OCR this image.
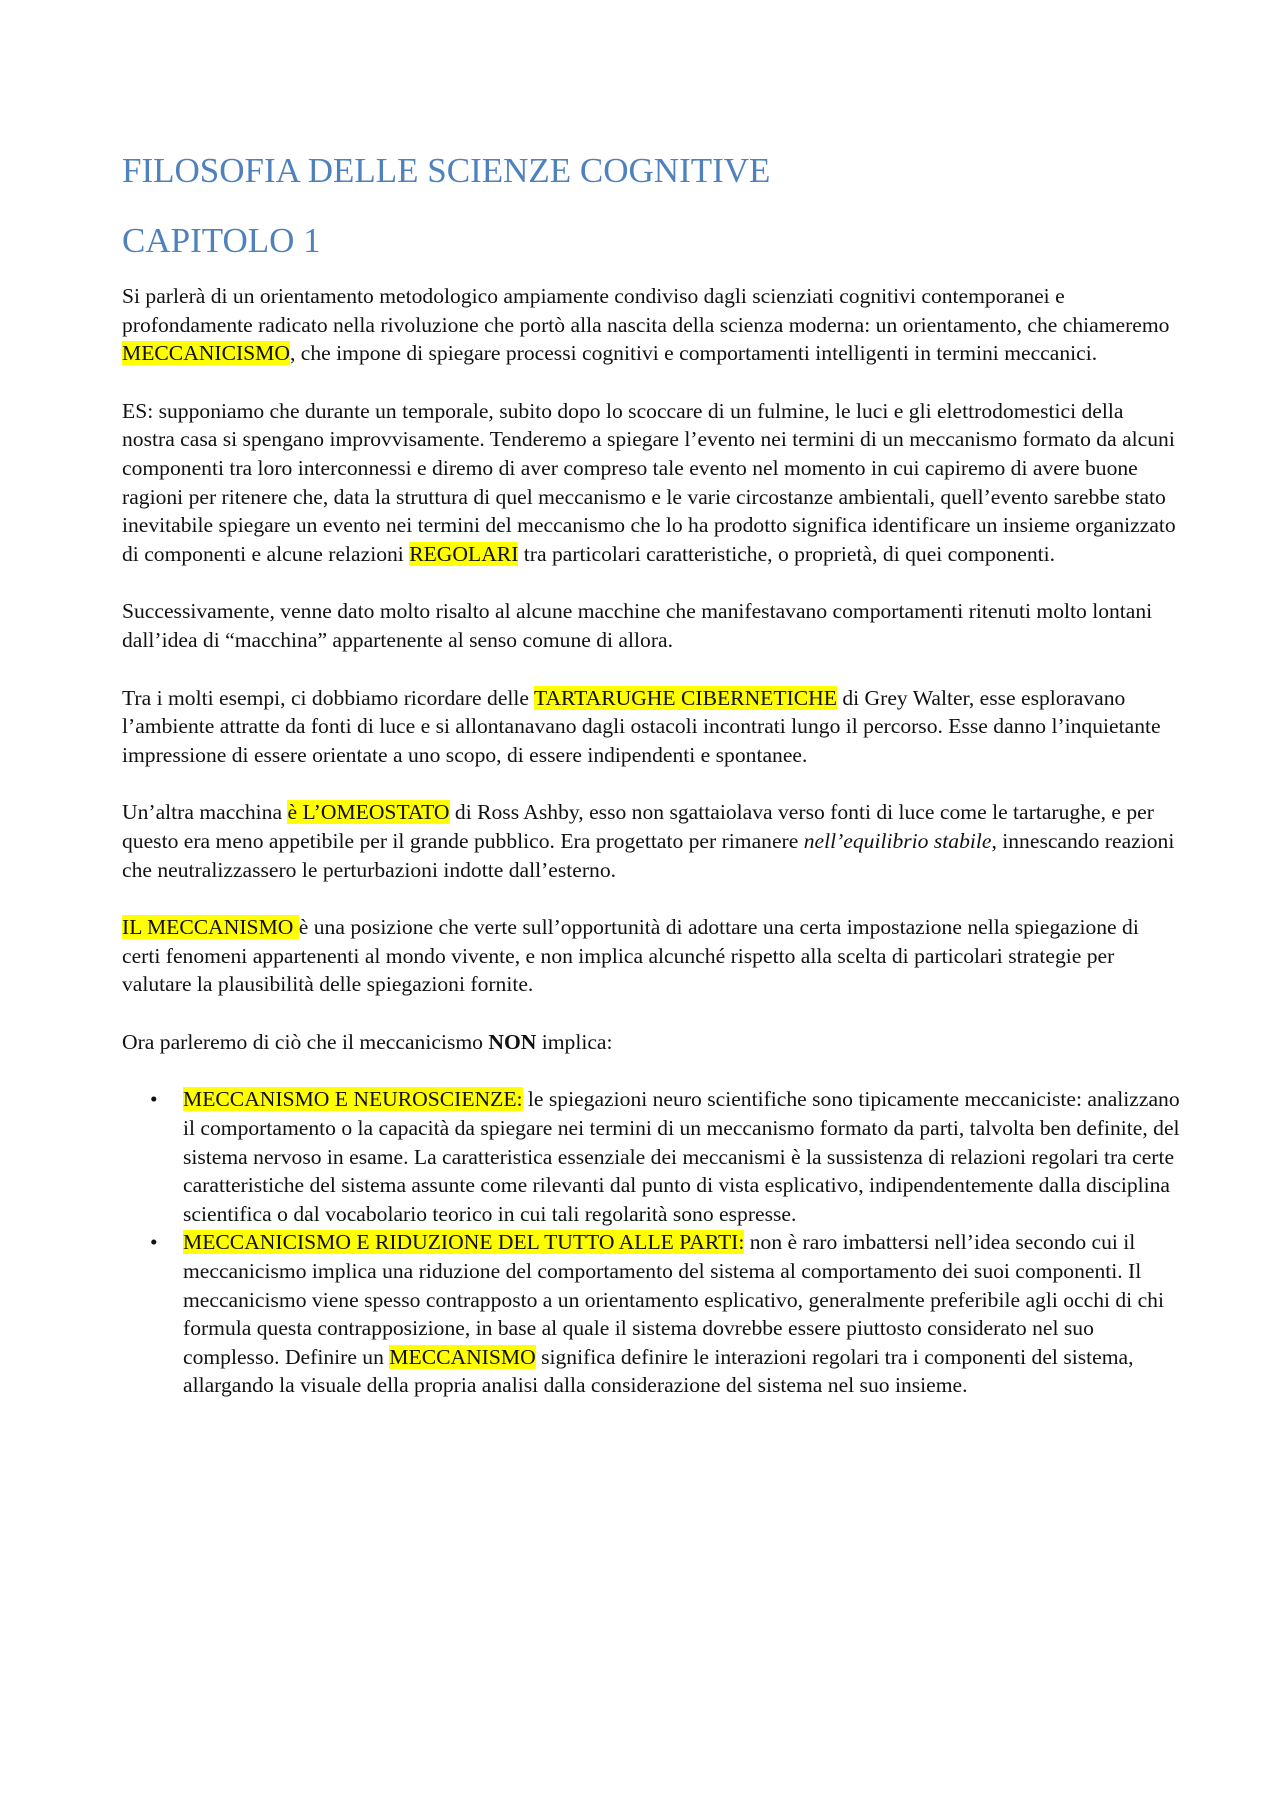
FILOSOFIA DELLE SCIENZE COGNITIVE
CAPITOLO 1

Si parlerà di un orientamento metodologico ampiamente condiviso dagli scienziati cognitivi contemporanei e profondamente radicato nella rivoluzione che portò alla nascita della scienza moderna: un orientamento, che chiameremo MECCANICISMO, che impone di spiegare processi cognitivi e comportamenti intelligenti in termini meccanici.

ES: supponiamo che durante un temporale, subito dopo lo scoccare di un fulmine, le luci e gli elettrodomestici della nostra casa si spengano improvvisamente. Tenderemo a spiegare l’evento nei termini di un meccanismo formato da alcuni componenti tra loro interconnessi e diremo di aver compreso tale evento nel momento in cui capiremo di avere buone ragioni per ritenere che, data la struttura di quel meccanismo e le varie circostanze ambientali, quell’evento sarebbe stato inevitabile spiegare un evento nei termini del meccanismo che lo ha prodotto significa identificare un insieme organizzato di componenti e alcune relazioni REGOLARI tra particolari caratteristiche, o proprietà, di quei componenti.

Successivamente, venne dato molto risalto al alcune macchine che manifestavano comportamenti ritenuti molto lontani dall’idea di “macchina” appartenente al senso comune di allora.

Tra i molti esempi, ci dobbiamo ricordare delle TARTARUGHE CIBERNETICHE di Grey Walter, esse esploravano l’ambiente attratte da fonti di luce e si allontanavano dagli ostacoli incontrati lungo il percorso. Esse danno l’inquietante impressione di essere orientate a uno scopo, di essere indipendenti e spontanee.

Un’altra macchina è L’OMEOSTATO di Ross Ashby, esso non sgattaiolava verso fonti di luce come le tartarughe, e per questo era meno appetibile per il grande pubblico. Era progettato per rimanere nell’equilibrio stabile, innescando reazioni che neutralizzassero le perturbazioni indotte dall’esterno.

IL MECCANISMO è una posizione che verte sull’opportunità di adottare una certa impostazione nella spiegazione di certi fenomeni appartenenti al mondo vivente, e non implica alcunché rispetto alla scelta di particolari strategie per valutare la plausibilità delle spiegazioni fornite.

Ora parleremo di ciò che il meccanicismo NON implica:

• MECCANISMO E NEUROSCIENZE: le spiegazioni neuro scientifiche sono tipicamente meccaniciste: analizzano il comportamento o la capacità da spiegare nei termini di un meccanismo formato da parti, talvolta ben definite, del sistema nervoso in esame. La caratteristica essenziale dei meccanismi è la sussistenza di relazioni regolari tra certe caratteristiche del sistema assunte come rilevanti dal punto di vista esplicativo, indipendentemente dalla disciplina scientifica o dal vocabolario teorico in cui tali regolarità sono espresse.
• MECCANICISMO E RIDUZIONE DEL TUTTO ALLE PARTI: non è raro imbattersi nell’idea secondo cui il meccanicismo implica una riduzione del comportamento del sistema al comportamento dei suoi componenti. Il meccanicismo viene spesso contrapposto a un orientamento esplicativo, generalmente preferibile agli occhi di chi formula questa contrapposizione, in base al quale il sistema dovrebbe essere piuttosto considerato nel suo complesso. Definire un MECCANISMO significa definire le interazioni regolari tra i componenti del sistema, allargando la visuale della propria analisi dalla considerazione del sistema nel suo insieme.
